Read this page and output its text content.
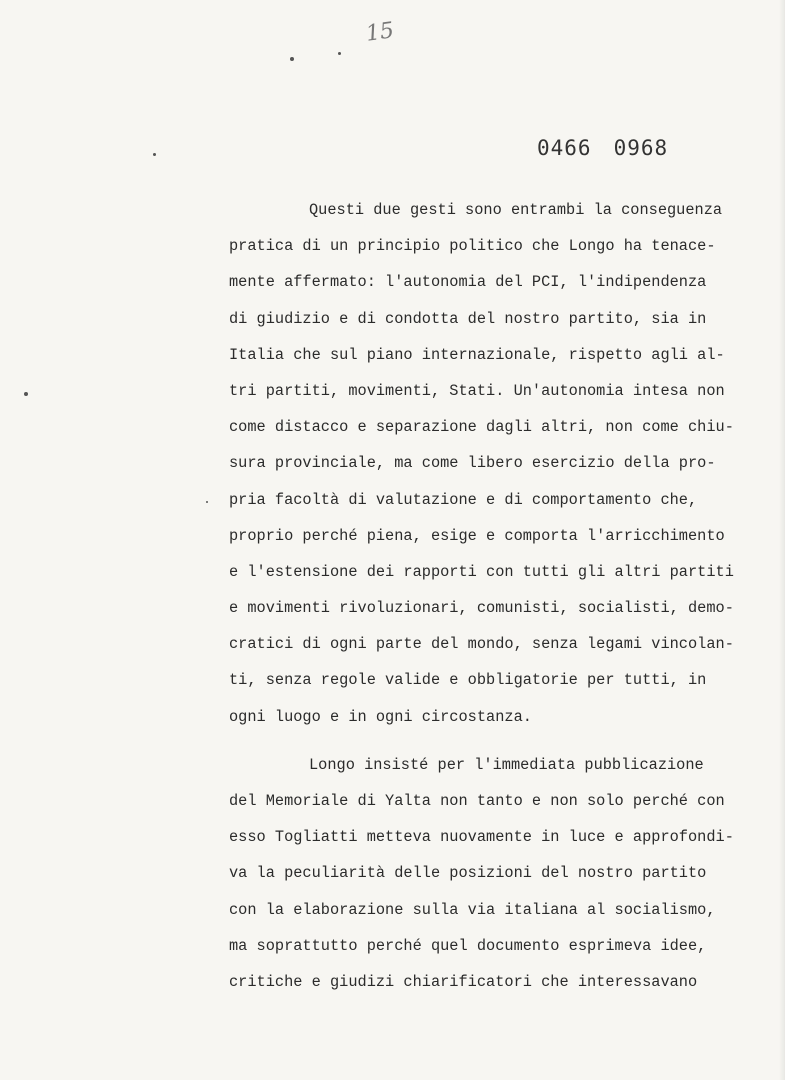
15
0466 0968
Questi due gesti sono entrambi la conseguenza
pratica di un principio politico che Longo ha tenace-
mente affermato: l'autonomia del PCI, l'indipendenza
di giudizio e di condotta del nostro partito, sia in
Italia che sul piano internazionale, rispetto agli al-
tri partiti, movimenti, Stati. Un'autonomia intesa non
come distacco e separazione dagli altri, non come chiu-
sura provinciale, ma come libero esercizio della pro-
pria facoltà di valutazione e di comportamento che,
proprio perché piena, esige e comporta l'arricchimento
e l'estensione dei rapporti con tutti gli altri partiti
e movimenti rivoluzionari, comunisti, socialisti, demo-
cratici di ogni parte del mondo, senza legami vincolan-
ti, senza regole valide e obbligatorie per tutti, in
ogni luogo e in ogni circostanza.
Longo insisté per l'immediata pubblicazione
del Memoriale di Yalta non tanto e non solo perché con
esso Togliatti metteva nuovamente in luce e approfondi-
va la peculiarità delle posizioni del nostro partito
con la elaborazione sulla via italiana al socialismo,
ma soprattutto perché quel documento esprimeva idee,
critiche e giudizi chiarificatori che interessavano
